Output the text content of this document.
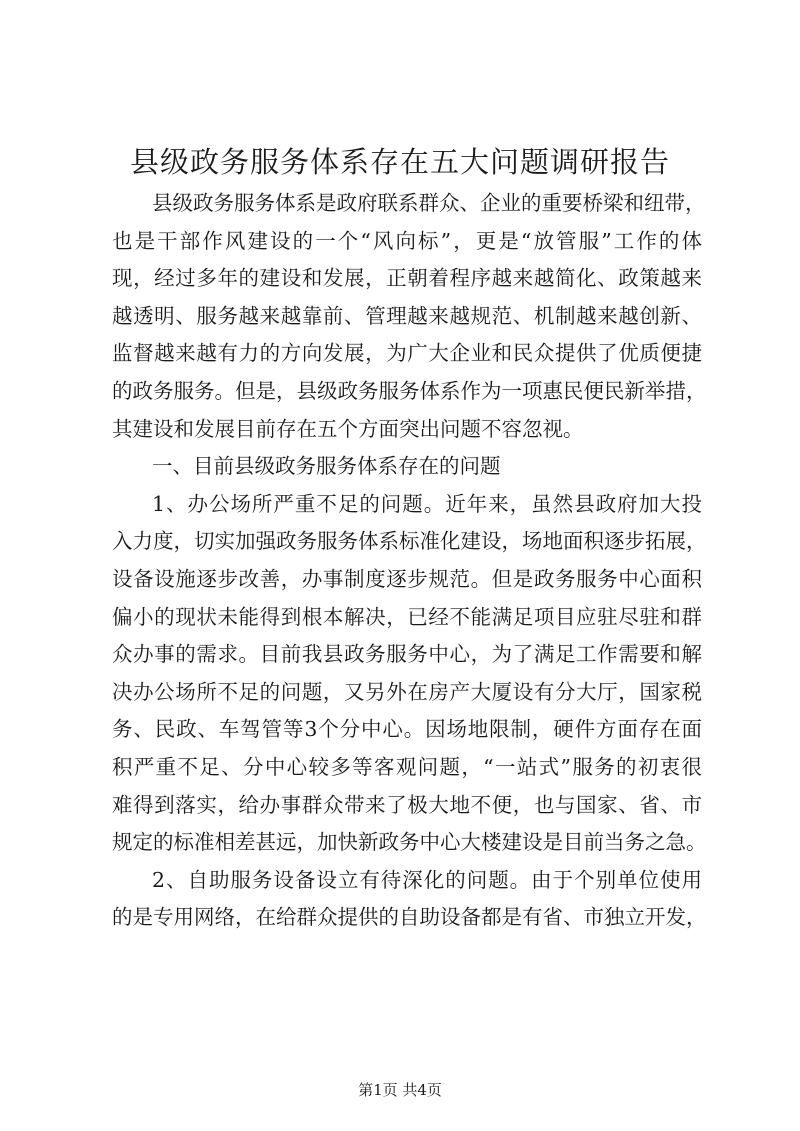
县级政务服务体系存在五大问题调研报告
县级政务服务体系是政府联系群众、企业的重要桥梁和纽带，
也是干部作风建设的一个“风向标”，更是“放管服”工作的体
现，经过多年的建设和发展，正朝着程序越来越简化、政策越来
越透明、服务越来越靠前、管理越来越规范、机制越来越创新、
监督越来越有力的方向发展，为广大企业和民众提供了优质便捷
的政务服务。但是，县级政务服务体系作为一项惠民便民新举措，
其建设和发展目前存在五个方面突出问题不容忽视。
一、目前县级政务服务体系存在的问题
1、办公场所严重不足的问题。近年来，虽然县政府加大投
入力度，切实加强政务服务体系标准化建设，场地面积逐步拓展，
设备设施逐步改善，办事制度逐步规范。但是政务服务中心面积
偏小的现状未能得到根本解决，已经不能满足项目应驻尽驻和群
众办事的需求。目前我县政务服务中心，为了满足工作需要和解
决办公场所不足的问题，又另外在房产大厦设有分大厅，国家税
务、民政、车驾管等3个分中心。因场地限制，硬件方面存在面
积严重不足、分中心较多等客观问题，“一站式”服务的初衷很
难得到落实，给办事群众带来了极大地不便，也与国家、省、市
规定的标准相差甚远，加快新政务中心大楼建设是目前当务之急。
2、自助服务设备设立有待深化的问题。由于个别单位使用
的是专用网络，在给群众提供的自助设备都是有省、市独立开发，
第1页 共4页
